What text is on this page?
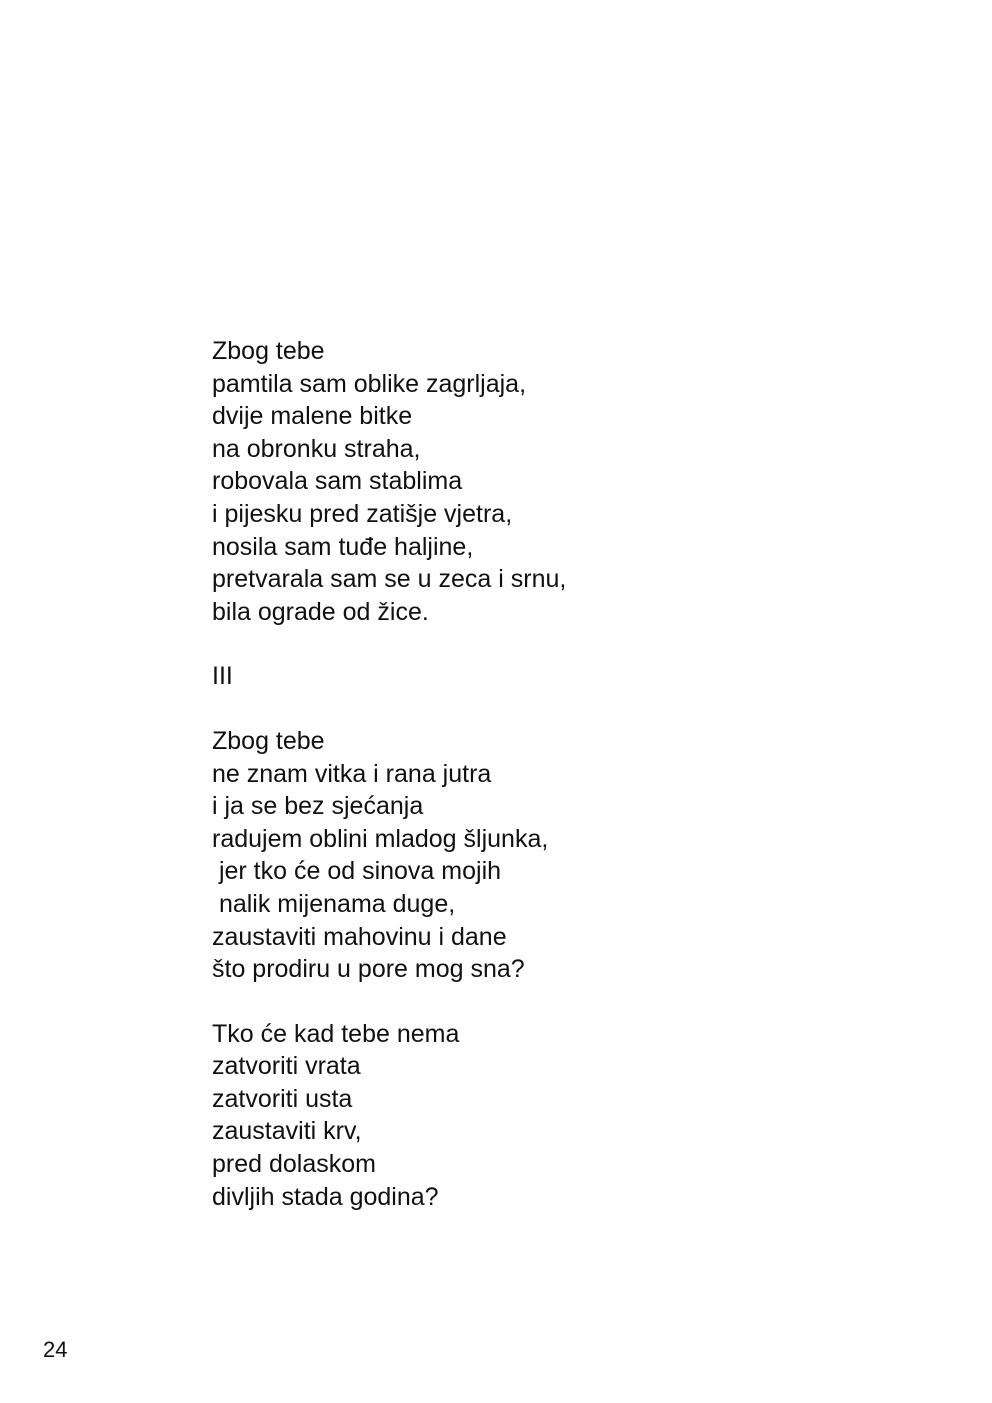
Zbog tebe
pamtila sam oblike zagrljaja,
dvije malene bitke
na obronku straha,
robovala sam stablima
i pijesku pred zatišje vjetra,
nosila sam tuđe haljine,
pretvarala sam se u zeca i srnu,
bila ograde od žice.
III
Zbog tebe
ne znam vitka i rana jutra
i ja se bez sjećanja
radujem oblini mladog šljunka,
jer tko će od sinova mojih
nalik mijenama duge,
zaustaviti mahovinu i dane
što prodiru u pore mog sna?
Tko će kad tebe nema
zatvoriti vrata
zatvoriti usta
zaustaviti krv,
pred dolaskom
divljih stada godina?
24
